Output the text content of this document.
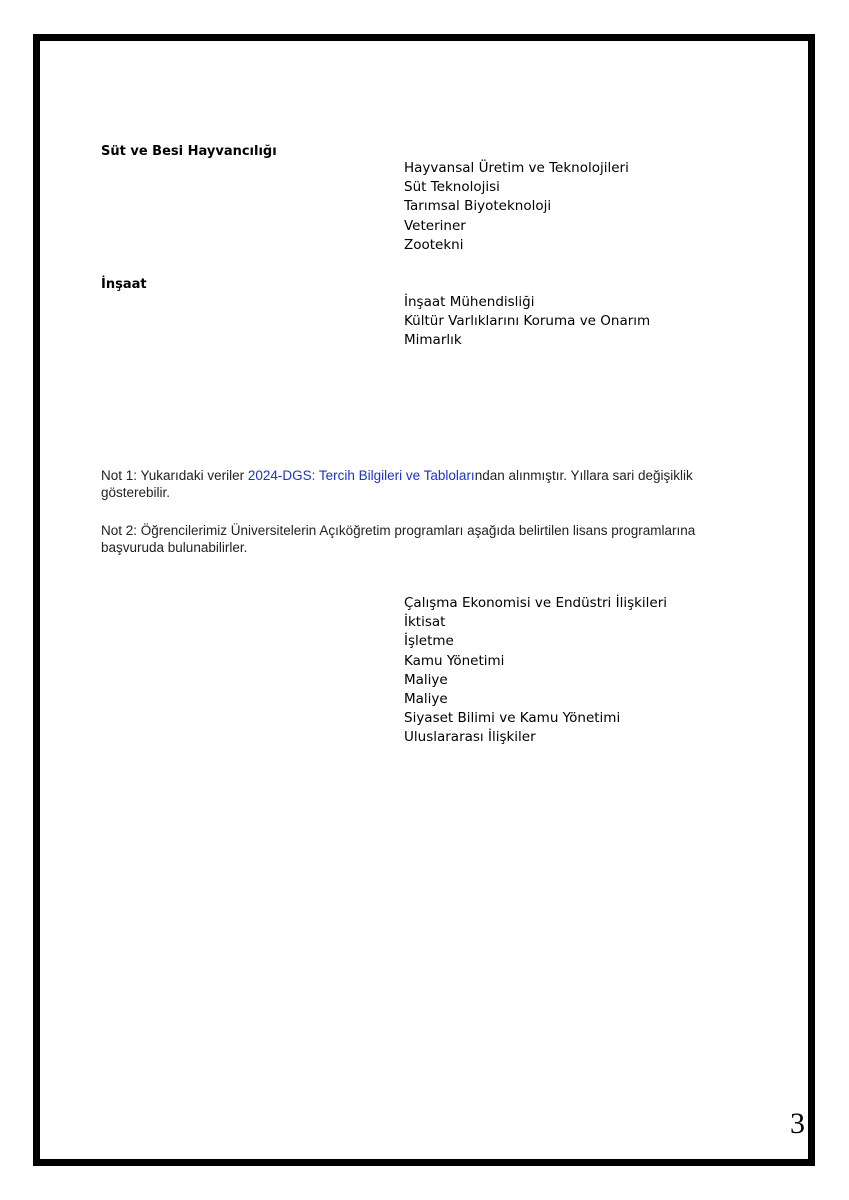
Süt ve Besi Hayvancılığı
Hayvansal Üretim ve Teknolojileri
Süt Teknolojisi
Tarımsal Biyoteknoloji
Veteriner
Zootekni
İnşaat
İnşaat Mühendisliği
Kültür Varlıklarını Koruma ve Onarım
Mimarlık

Not 1: Yukarıdaki veriler 2024-DGS: Tercih Bilgileri ve Tablolarından alınmıştır. Yıllara sari değişiklik gösterebilir.

Not 2: Öğrencilerimiz Üniversitelerin Açıköğretim programları aşağıda belirtilen lisans programlarına başvuruda bulunabilirler.

Çalışma Ekonomisi ve Endüstri İlişkileri
İktisat
İşletme
Kamu Yönetimi
Maliye
Maliye
Siyaset Bilimi ve Kamu Yönetimi
Uluslararası İlişkiler
3
